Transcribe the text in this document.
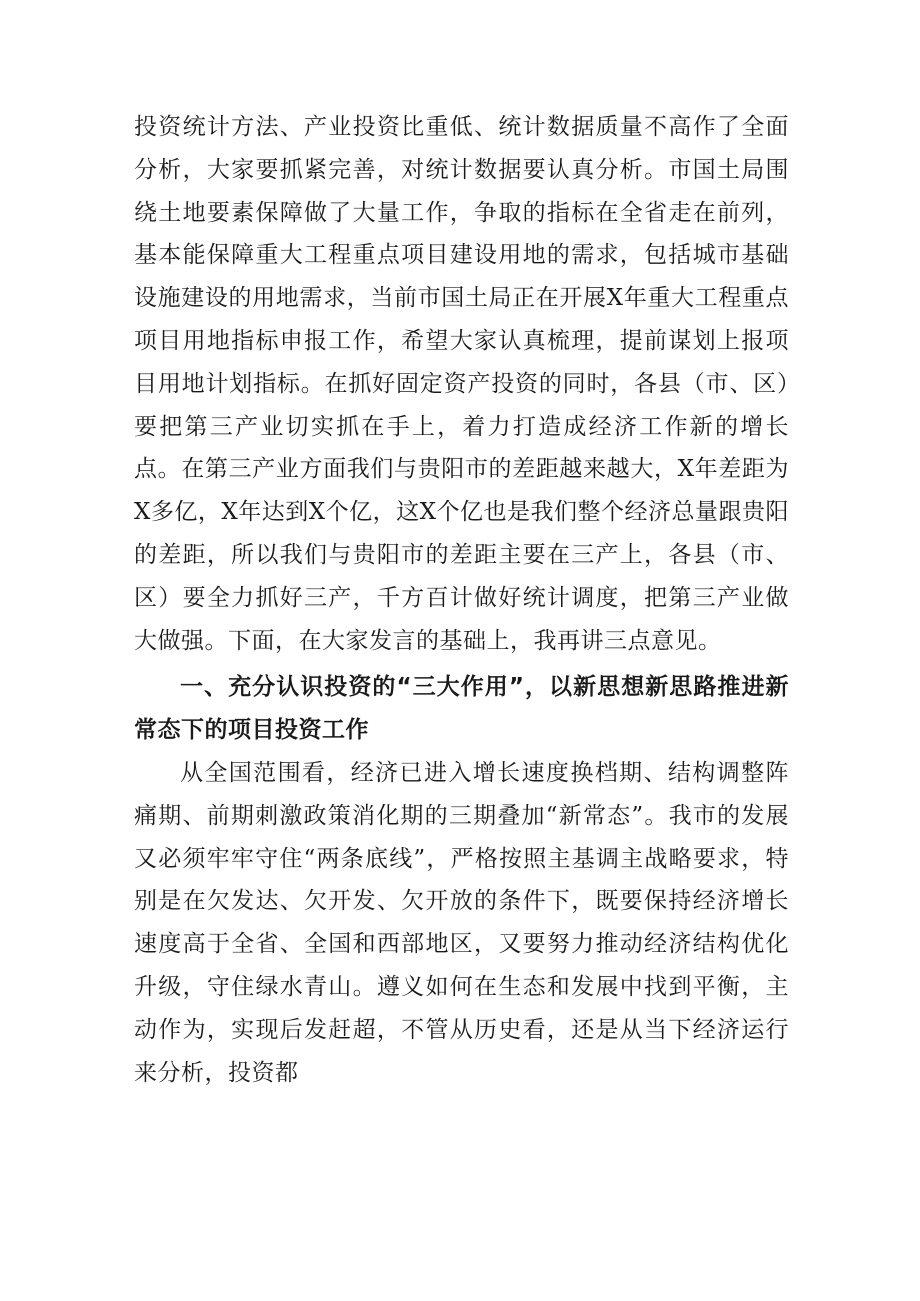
投资统计方法、产业投资比重低、统计数据质量不高作了全面分析，大家要抓紧完善，对统计数据要认真分析。市国土局围绕土地要素保障做了大量工作，争取的指标在全省走在前列，基本能保障重大工程重点项目建设用地的需求，包括城市基础设施建设的用地需求，当前市国土局正在开展X年重大工程重点项目用地指标申报工作，希望大家认真梳理，提前谋划上报项目用地计划指标。在抓好固定资产投资的同时，各县（市、区）要把第三产业切实抓在手上，着力打造成经济工作新的增长点。在第三产业方面我们与贵阳市的差距越来越大，X年差距为X多亿，X年达到X个亿，这X个亿也是我们整个经济总量跟贵阳的差距，所以我们与贵阳市的差距主要在三产上，各县（市、区）要全力抓好三产，千方百计做好统计调度，把第三产业做大做强。下面，在大家发言的基础上，我再讲三点意见。

一、充分认识投资的“三大作用”，以新思想新思路推进新常态下的项目投资工作

从全国范围看，经济已进入增长速度换档期、结构调整阵痛期、前期刺激政策消化期的三期叠加“新常态”。我市的发展又必须牢牢守住“两条底线”，严格按照主基调主战略要求，特别是在欠发达、欠开发、欠开放的条件下，既要保持经济增长速度高于全省、全国和西部地区，又要努力推动经济结构优化升级，守住绿水青山。遵义如何在生态和发展中找到平衡，主动作为，实现后发赶超，不管从历史看，还是从当下经济运行来分析，投资都
